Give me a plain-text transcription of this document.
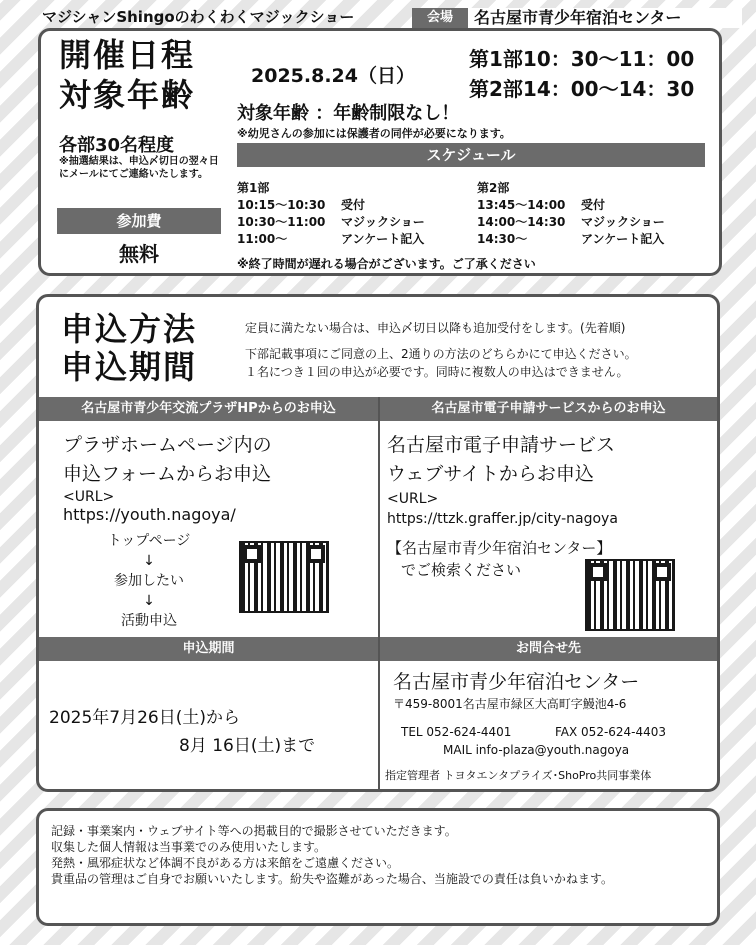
マジシャンShingoのわくわくマジックショー	会場	名古屋市青少年宿泊センター
開催日程
対象年齢	2025.8.24（日）
第1部10：30〜11：00
第2部14：00〜14：30
対象年齢 ：年齢制限なし！
※幼児さんの参加には保護者の同伴が必要になります。
各部30名程度
※抽選結果は、申込〆切日の翌々日にメールにてご連絡いたします。
参加費
無料
スケジュール
第1部
10:15〜10:30	受付
10:30〜11:00	マジックショー
11:00〜	アンケート記入
第2部
13:45〜14:00	受付
14:00〜14:30	マジックショー
14:30〜	アンケート記入
※終了時間が遅れる場合がございます。ご了承ください
申込方法
申込期間
定員に満たない場合は、申込〆切日以降も追加受付をします。(先着順)
下部記載事項にご同意の上、2通りの方法のどちらかにて申込ください。
１名につき１回の申込が必要です。同時に複数人の申込はできません。
名古屋市青少年交流プラザHPからのお申込	名古屋市電子申請サービスからのお申込
プラザホームページ内の
申込フォームからお申込
<URL>
https://youth.nagoya/
トップページ
↓
参加したい
↓
活動申込
名古屋市電子申請サービス
ウェブサイトからお申込
<URL>
https://ttzk.graffer.jp/city-nagoya
【名古屋市青少年宿泊センター】
でご検索ください
申込期間	お問合せ先
2025年7月26日(土)から
8月 16日(土)まで
名古屋市青少年宿泊センター
〒459-8001名古屋市緑区大高町字鰻池4-6
TEL 052-624-4401	FAX 052-624-4403
MAIL info-plaza@youth.nagoya
指定管理者 トヨタエンタプライズ･ShoPro共同事業体
記録・事業案内・ウェブサイト等への掲載目的で撮影させていただきます。
収集した個人情報は当事業でのみ使用いたします。
発熱・風邪症状など体調不良がある方は来館をご遠慮ください。
貴重品の管理はご自身でお願いいたします。紛失や盗難があった場合、当施設での責任は負いかねます。
